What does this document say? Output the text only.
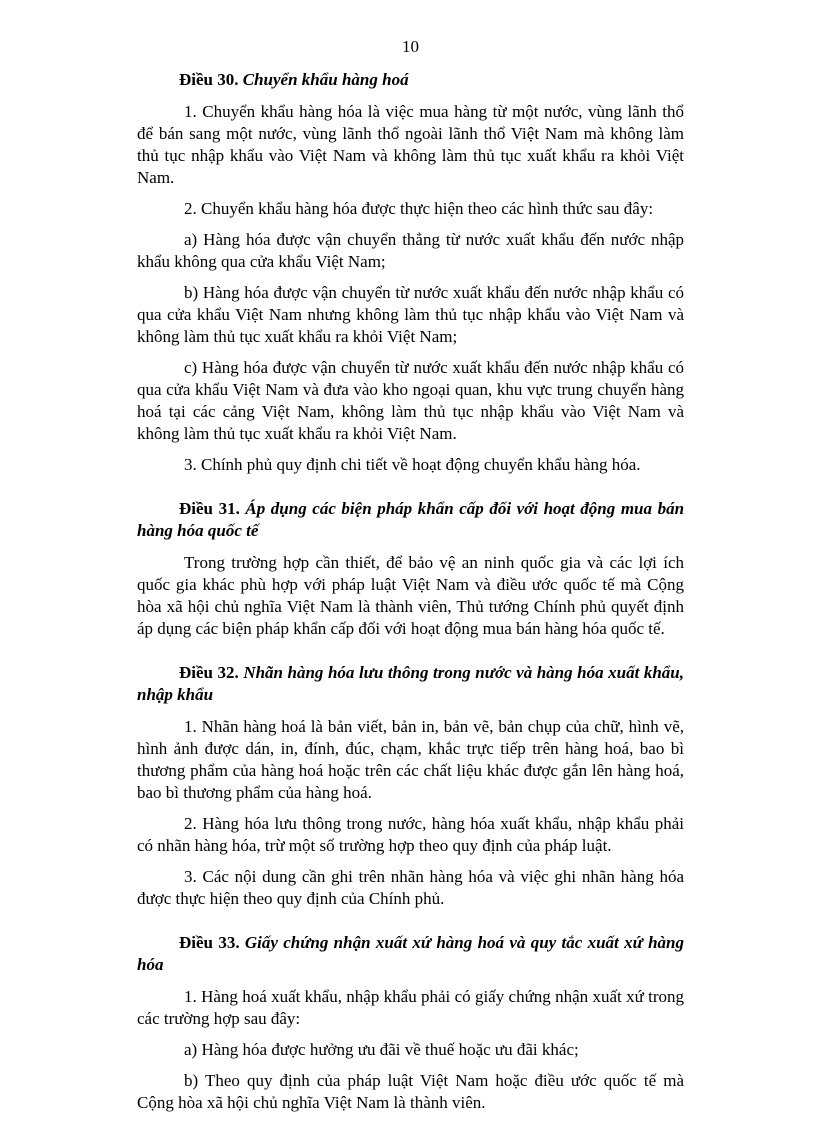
10

Điều 30. Chuyển khẩu hàng hoá

1. Chuyển khẩu hàng hóa là việc mua hàng từ một nước, vùng lãnh thổ để bán sang một nước, vùng lãnh thổ ngoài lãnh thổ Việt Nam mà không làm thủ tục nhập khẩu vào Việt Nam và không làm thủ tục xuất khẩu ra khỏi Việt Nam.

2. Chuyển khẩu hàng hóa được thực hiện theo các hình thức sau đây:

a) Hàng hóa được vận chuyển thẳng từ nước xuất khẩu đến nước nhập khẩu không qua cửa khẩu Việt Nam;

b) Hàng hóa được vận chuyển từ nước xuất khẩu đến nước nhập khẩu có qua cửa khẩu Việt Nam nhưng không làm thủ tục nhập khẩu vào Việt Nam và không làm thủ tục xuất khẩu ra khỏi Việt Nam;

c) Hàng hóa được vận chuyển từ nước xuất khẩu đến nước nhập khẩu có qua cửa khẩu Việt Nam và đưa vào kho ngoại quan, khu vực trung chuyển hàng hoá tại các cảng Việt Nam, không làm thủ tục nhập khẩu vào Việt Nam và không làm thủ tục xuất khẩu ra khỏi Việt Nam.

3. Chính phủ quy định chi tiết về hoạt động chuyển khẩu hàng hóa.

Điều 31. Áp dụng các biện pháp khẩn cấp đối với hoạt động mua bán hàng hóa quốc tế

Trong trường hợp cần thiết, để bảo vệ an ninh quốc gia và các lợi ích quốc gia khác phù hợp với pháp luật Việt Nam và điều ước quốc tế mà Cộng hòa xã hội chủ nghĩa Việt Nam là thành viên, Thủ tướng Chính phủ quyết định áp dụng các biện pháp khẩn cấp đối với hoạt động mua bán hàng hóa quốc tế.

Điều 32. Nhãn hàng hóa lưu thông trong nước và hàng hóa xuất khẩu, nhập khẩu

1. Nhãn hàng hoá là bản viết, bản in, bản vẽ, bản chụp của chữ, hình vẽ, hình ảnh được dán, in, đính, đúc, chạm, khắc trực tiếp trên hàng hoá, bao bì thương phẩm của hàng hoá hoặc trên các chất liệu khác được gắn lên hàng hoá, bao bì thương phẩm của hàng hoá.

2. Hàng hóa lưu thông trong nước, hàng hóa xuất khẩu, nhập khẩu phải có nhãn hàng hóa, trừ một số trường hợp theo quy định của pháp luật.

3. Các nội dung cần ghi trên nhãn hàng hóa và việc ghi nhãn hàng hóa được thực hiện theo quy định của Chính phủ.

Điều 33. Giấy chứng nhận xuất xứ hàng hoá và quy tắc xuất xứ hàng hóa

1. Hàng hoá xuất khẩu, nhập khẩu phải có giấy chứng nhận xuất xứ trong các trường hợp sau đây:

a) Hàng hóa được hưởng ưu đãi về thuế hoặc ưu đãi khác;

b) Theo quy định của pháp luật Việt Nam hoặc điều ước quốc tế mà Cộng hòa xã hội chủ nghĩa Việt Nam là thành viên.
